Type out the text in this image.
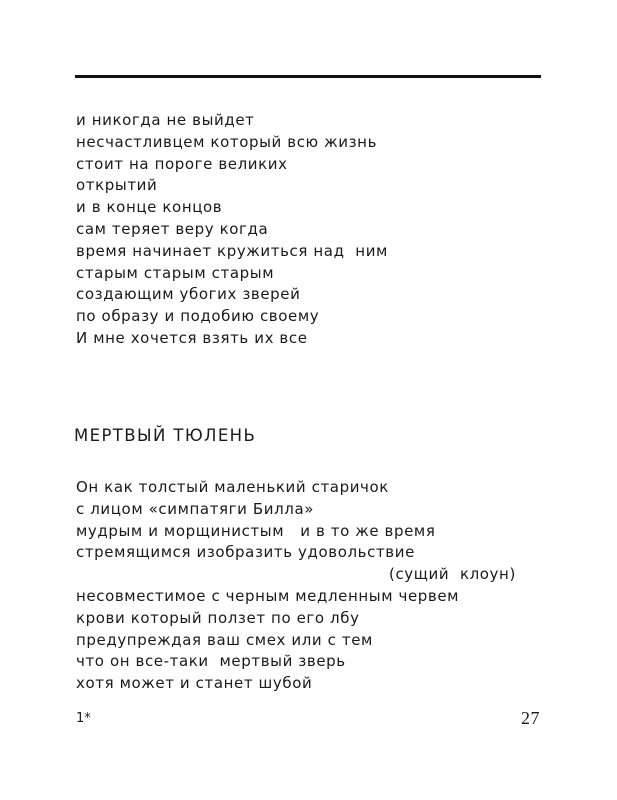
и никогда не выйдет
несчастливцем который всю жизнь
стоит на пороге великих
открытий
и в конце концов
сам теряет веру когда
время начинает кружиться над  ним
старым старым старым
создающим убогих зверей
по образу и подобию своему
И мне хочется взять их все
МЕРТВЫЙ ТЮЛЕНЬ
Он как толстый маленький старичок
с лицом «симпатяги Билла»
мудрым и морщинистым   и в то же время
стремящимся изобразить удовольствие
(сущий  клоун)
несовместимое с черным медленным червем
крови который ползет по его лбу
предупреждая ваш смех или с тем
что он все-таки  мертвый зверь
хотя может и станет шубой
1*	27
